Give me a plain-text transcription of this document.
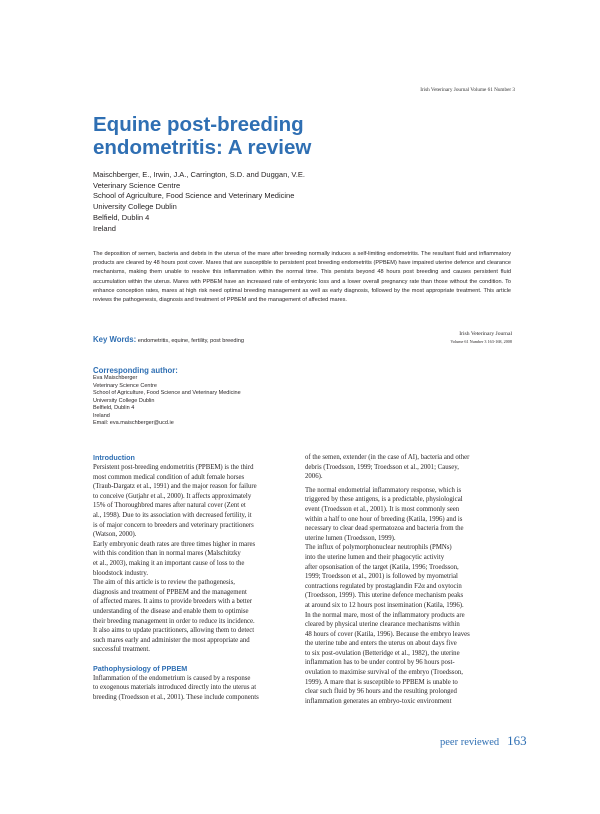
Irish Veterinary Journal Volume 61 Number 3
Equine post-breeding
endometritis: A review
Maischberger, E., Irwin, J.A., Carrington, S.D. and Duggan, V.E.
Veterinary Science Centre
School of Agriculture, Food Science and Veterinary Medicine
University College Dublin
Belfield, Dublin 4
Ireland

The deposition of semen, bacteria and debris in the uterus of the mare after breeding normally induces a self-limiting endometritis. The resultant fluid and inflammatory products are cleared by 48 hours post cover. Mares that are susceptible to persistent post breeding endometritis (PPBEM) have impaired uterine defence and clearance mechanisms, making them unable to resolve this inflammation within the normal time. This persists beyond 48 hours post breeding and causes persistent fluid accumulation within the uterus. Mares with PPBEM have an increased rate of embryonic loss and a lower overall pregnancy rate than those without the condition. To enhance conception rates, mares at high risk need optimal breeding management as well as early diagnosis, followed by the most appropriate treatment. This article reviews the pathogenesis, diagnosis and treatment of PPBEM and the management of affected mares.

Key Words: endometritis, equine, fertility, post breeding
Irish Veterinary Journal
Volume 61 Number 3 163-168, 2008
Corresponding author:
Eva Maischberger
Veterinary Science Centre
School of Agriculture, Food Science and Veterinary Medicine
University College Dublin
Belfield, Dublin 4
Ireland
Email: eva.maischberger@ucd.ie
Introduction
Persistent post-breeding endometritis (PPBEM) is the third
most common medical condition of adult female horses
(Traub-Dargatz et al., 1991) and the major reason for failure
to conceive (Gutjahr et al., 2000). It affects approximately
15% of Thoroughbred mares after natural cover (Zent et
al., 1998). Due to its association with decreased fertility, it
is of major concern to breeders and veterinary practitioners
(Watson, 2000).
Early embryonic death rates are three times higher in mares
with this condition than in normal mares (Malschitzky
et al., 2003), making it an important cause of loss to the
bloodstock industry.
The aim of this article is to review the pathogenesis,
diagnosis and treatment of PPBEM and the management
of affected mares. It aims to provide breeders with a better
understanding of the disease and enable them to optimise
their breeding management in order to reduce its incidence.
It also aims to update practitioners, allowing them to detect
such mares early and administer the most appropriate and
successful treatment.
Pathophysiology of PPBEM
Inflammation of the endometrium is caused by a response
to exogenous materials introduced directly into the uterus at
breeding (Troedsson et al., 2001). These include components
of the semen, extender (in the case of AI), bacteria and other
debris (Troedsson, 1999; Troedsson et al., 2001; Causey,
2006).
The normal endometrial inflammatory response, which is
triggered by these antigens, is a predictable, physiological
event (Troedsson et al., 2001). It is most commonly seen
within a half to one hour of breeding (Katila, 1996) and is
necessary to clear dead spermatozoa and bacteria from the
uterine lumen (Troedsson, 1999).
The influx of polymorphonuclear neutrophils (PMNs)
into the uterine lumen and their phagocytic activity
after opsonisation of the target (Katila, 1996; Troedsson,
1999; Troedsson et al., 2001) is followed by myometrial
contractions regulated by prostaglandin F2α and oxytocin
(Troedsson, 1999). This uterine defence mechanism peaks
at around six to 12 hours post insemination (Katila, 1996).
In the normal mare, most of the inflammatory products are
cleared by physical uterine clearance mechanisms within
48 hours of cover (Katila, 1996). Because the embryo leaves
the uterine tube and enters the uterus on about days five
to six post-ovulation (Betteridge et al., 1982), the uterine
inflammation has to be under control by 96 hours post-
ovulation to maximise survival of the embryo (Troedsson,
1999). A mare that is susceptible to PPBEM is unable to
clear such fluid by 96 hours and the resulting prolonged
inflammation generates an embryo-toxic environment
peer reviewed 163
